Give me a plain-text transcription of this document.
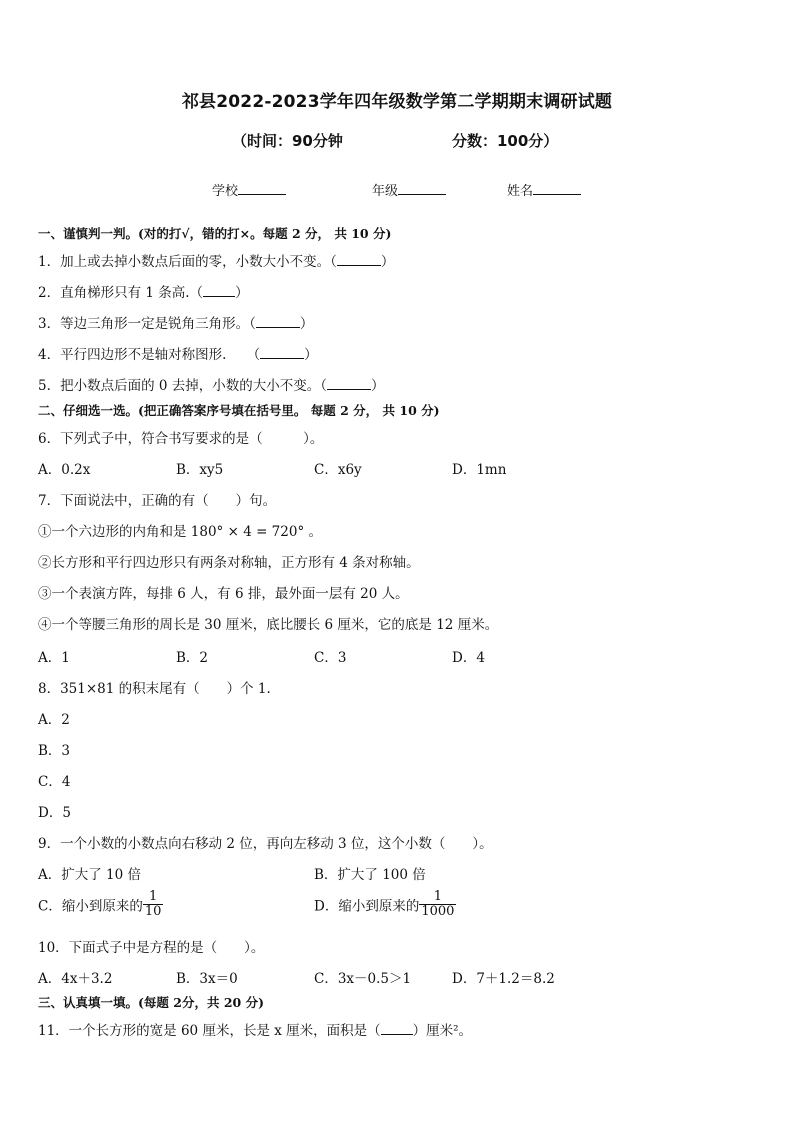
祁县2022-2023学年四年级数学第二学期期末调研试题
（时间：90分钟	分数：100分）
学校	年级	姓名
一、谨慎判一判。(对的打√，错的打×。每题 2 分， 共 10 分)
1．加上或去掉小数点后面的零，小数大小不变。（	）
2．直角梯形只有 1 条高.（ ）
3．等边三角形一定是锐角三角形。（	）
4．平行四边形不是轴对称图形.　　（	）
5．把小数点后面的 0 去掉，小数的大小不变。（	）
二、仔细选一选。(把正确答案序号填在括号里。 每题 2 分， 共 10 分)
6．下列式子中，符合书写要求的是（　　　）。
A．0.2x	B．xy5	C．x6y	D．1mn
7．下面说法中，正确的有（　　）句。
①一个六边形的内角和是 180° × 4 = 720° 。
②长方形和平行四边形只有两条对称轴，正方形有 4 条对称轴。
③一个表演方阵，每排 6 人，有 6 排，最外面一层有 20 人。
④一个等腰三角形的周长是 30 厘米，底比腰长 6 厘米，它的底是 12 厘米。
A．1	B．2	C．3	D．4
8．351×81 的积末尾有（　　）个 1.
A．2
B．3
C．4
D．5
9．一个小数的小数点向右移动 2 位，再向左移动 3 位，这个小数（　　）。
A．扩大了 10 倍	B．扩大了 100 倍
C．缩小到原来的 $\frac{1}{10}$	D．缩小到原来的 $\frac{1}{1000}$
10．下面式子中是方程的是（　　）。
A．4x＋3.2	B．3x＝0	C．3x－0.5＞1	D．7＋1.2＝8.2
三、认真填一填。(每题 2分，共 20 分)
11．一个长方形的宽是 60 厘米，长是 x 厘米，面积是（ ）厘米²。
